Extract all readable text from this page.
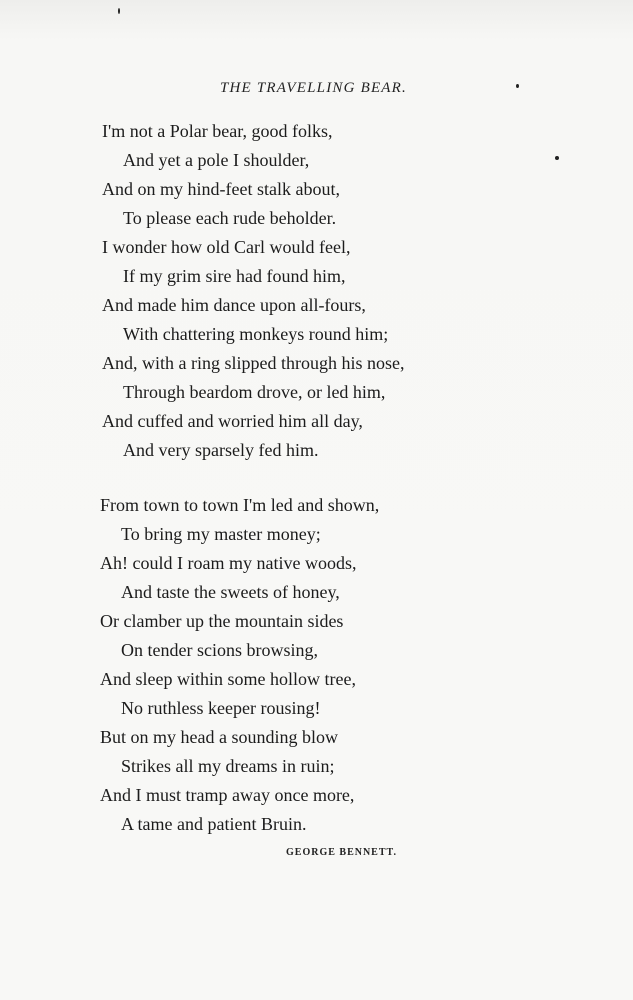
THE TRAVELLING BEAR.
I'm not a Polar bear, good folks,
And yet a pole I shoulder,
And on my hind-feet stalk about,
To please each rude beholder.
I wonder how old Carl would feel,
If my grim sire had found him,
And made him dance upon all-fours,
With chattering monkeys round him;
And, with a ring slipped through his nose,
Through beardom drove, or led him,
And cuffed and worried him all day,
And very sparsely fed him.
From town to town I'm led and shown,
To bring my master money;
Ah! could I roam my native woods,
And taste the sweets of honey,
Or clamber up the mountain sides
On tender scions browsing,
And sleep within some hollow tree,
No ruthless keeper rousing!
But on my head a sounding blow
Strikes all my dreams in ruin;
And I must tramp away once more,
A tame and patient Bruin.
GEORGE BENNETT.
